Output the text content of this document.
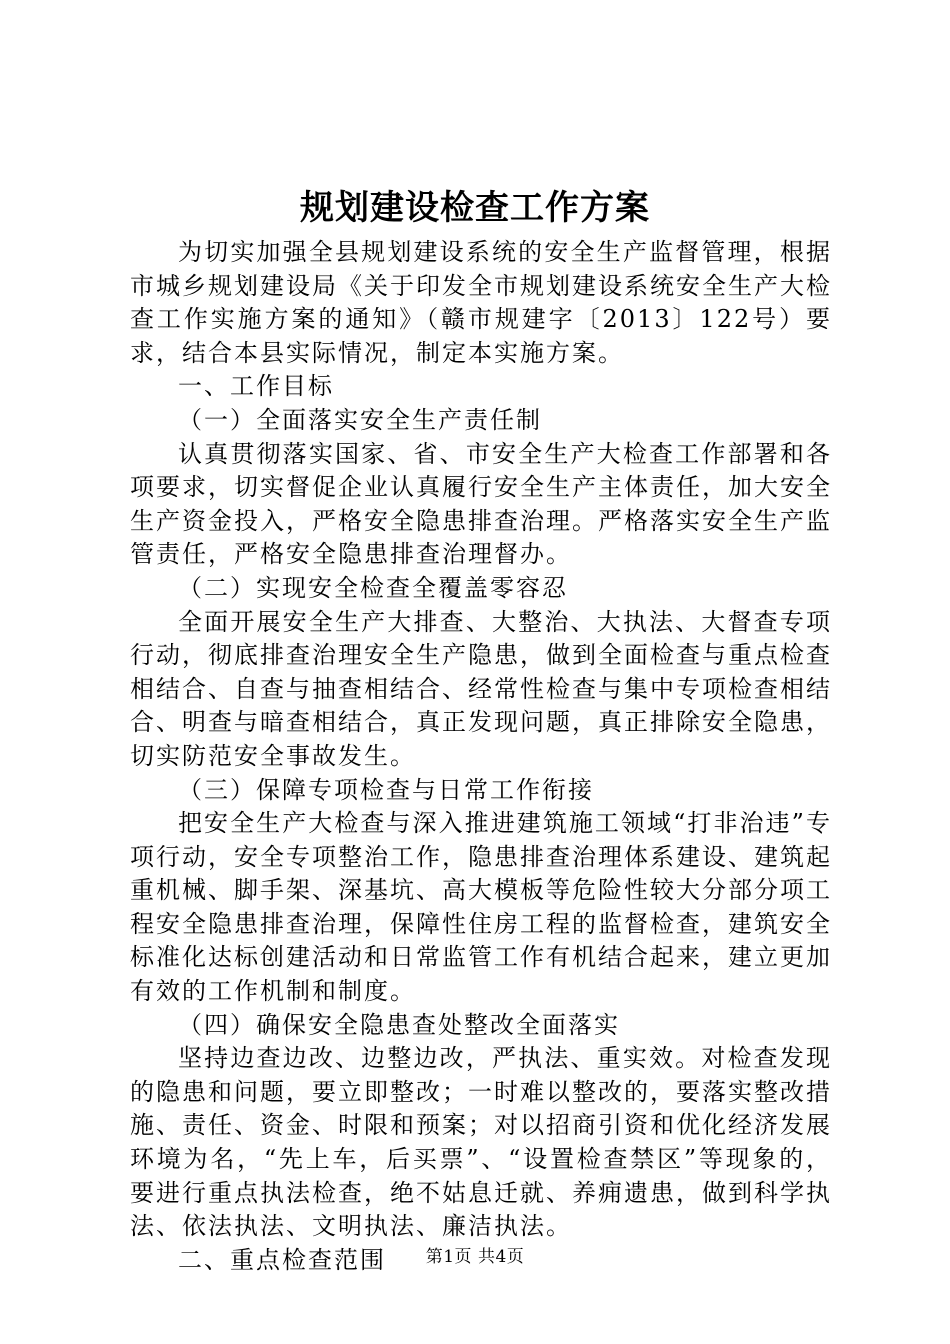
规划建设检查工作方案

为切实加强全县规划建设系统的安全生产监督管理，根据市城乡规划建设局《关于印发全市规划建设系统安全生产大检查工作实施方案的通知》（赣市规建字〔2013〕122号）要求，结合本县实际情况，制定本实施方案。

一、工作目标

（一）全面落实安全生产责任制

认真贯彻落实国家、省、市安全生产大检查工作部署和各项要求，切实督促企业认真履行安全生产主体责任，加大安全生产资金投入，严格安全隐患排查治理。严格落实安全生产监管责任，严格安全隐患排查治理督办。

（二）实现安全检查全覆盖零容忍

全面开展安全生产大排查、大整治、大执法、大督查专项行动，彻底排查治理安全生产隐患，做到全面检查与重点检查相结合、自查与抽查相结合、经常性检查与集中专项检查相结合、明查与暗查相结合，真正发现问题，真正排除安全隐患，切实防范安全事故发生。

（三）保障专项检查与日常工作衔接

把安全生产大检查与深入推进建筑施工领域“打非治违”专项行动，安全专项整治工作，隐患排查治理体系建设、建筑起重机械、脚手架、深基坑、高大模板等危险性较大分部分项工程安全隐患排查治理，保障性住房工程的监督检查，建筑安全标准化达标创建活动和日常监管工作有机结合起来，建立更加有效的工作机制和制度。

（四）确保安全隐患查处整改全面落实

坚持边查边改、边整边改，严执法、重实效。对检查发现的隐患和问题，要立即整改；一时难以整改的，要落实整改措施、责任、资金、时限和预案；对以招商引资和优化经济发展环境为名，“先上车，后买票”、“设置检查禁区”等现象的，要进行重点执法检查，绝不姑息迁就、养痈遗患，做到科学执法、依法执法、文明执法、廉洁执法。

二、重点检查范围	第1页 共4页
